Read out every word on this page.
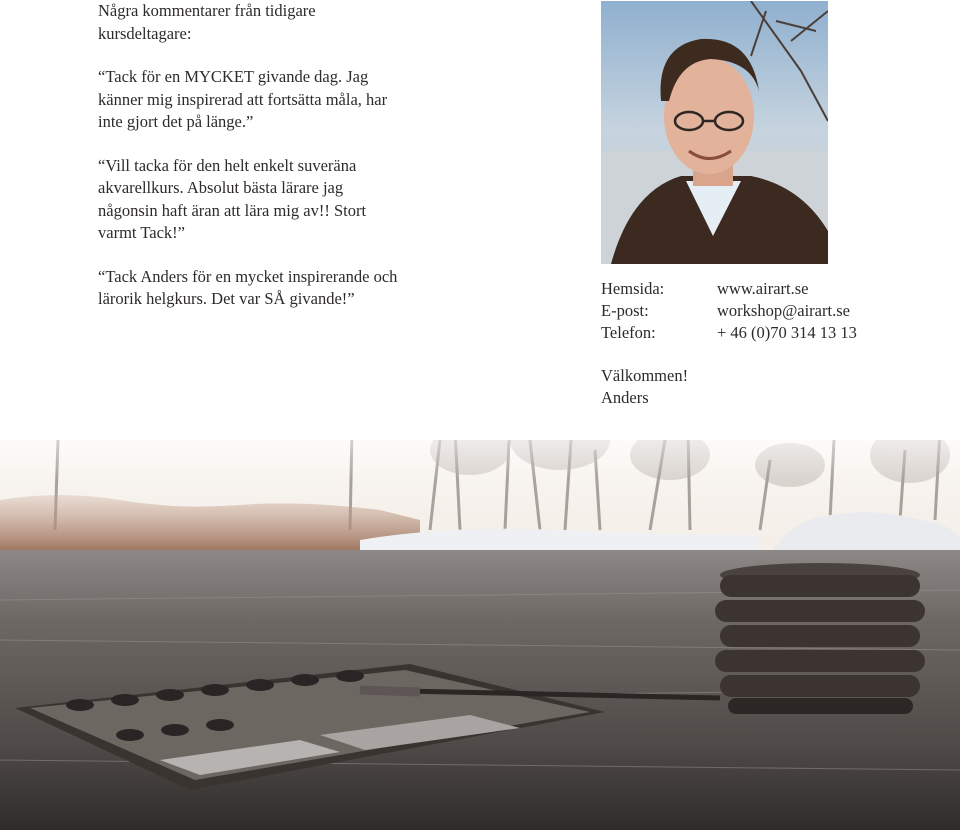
Några kommentarer från tidigare kursdeltagare:

“Tack för en MYCKET givande dag. Jag känner mig inspirerad att fortsätta måla, har inte gjort det på länge.”

“Vill tacka för den helt enkelt suveräna akvarellkurs. Absolut bästa lärare jag någonsin haft äran att lära mig av!! Stort varmt Tack!”

“Tack Anders för en mycket inspirerande och lärorik helgkurs. Det var SÅ givande!”

Hemsida:	www.airart.se
E-post:	workshop@airart.se
Telefon:	+ 46 (0)70 314 13 13
Välkommen!
Anders
